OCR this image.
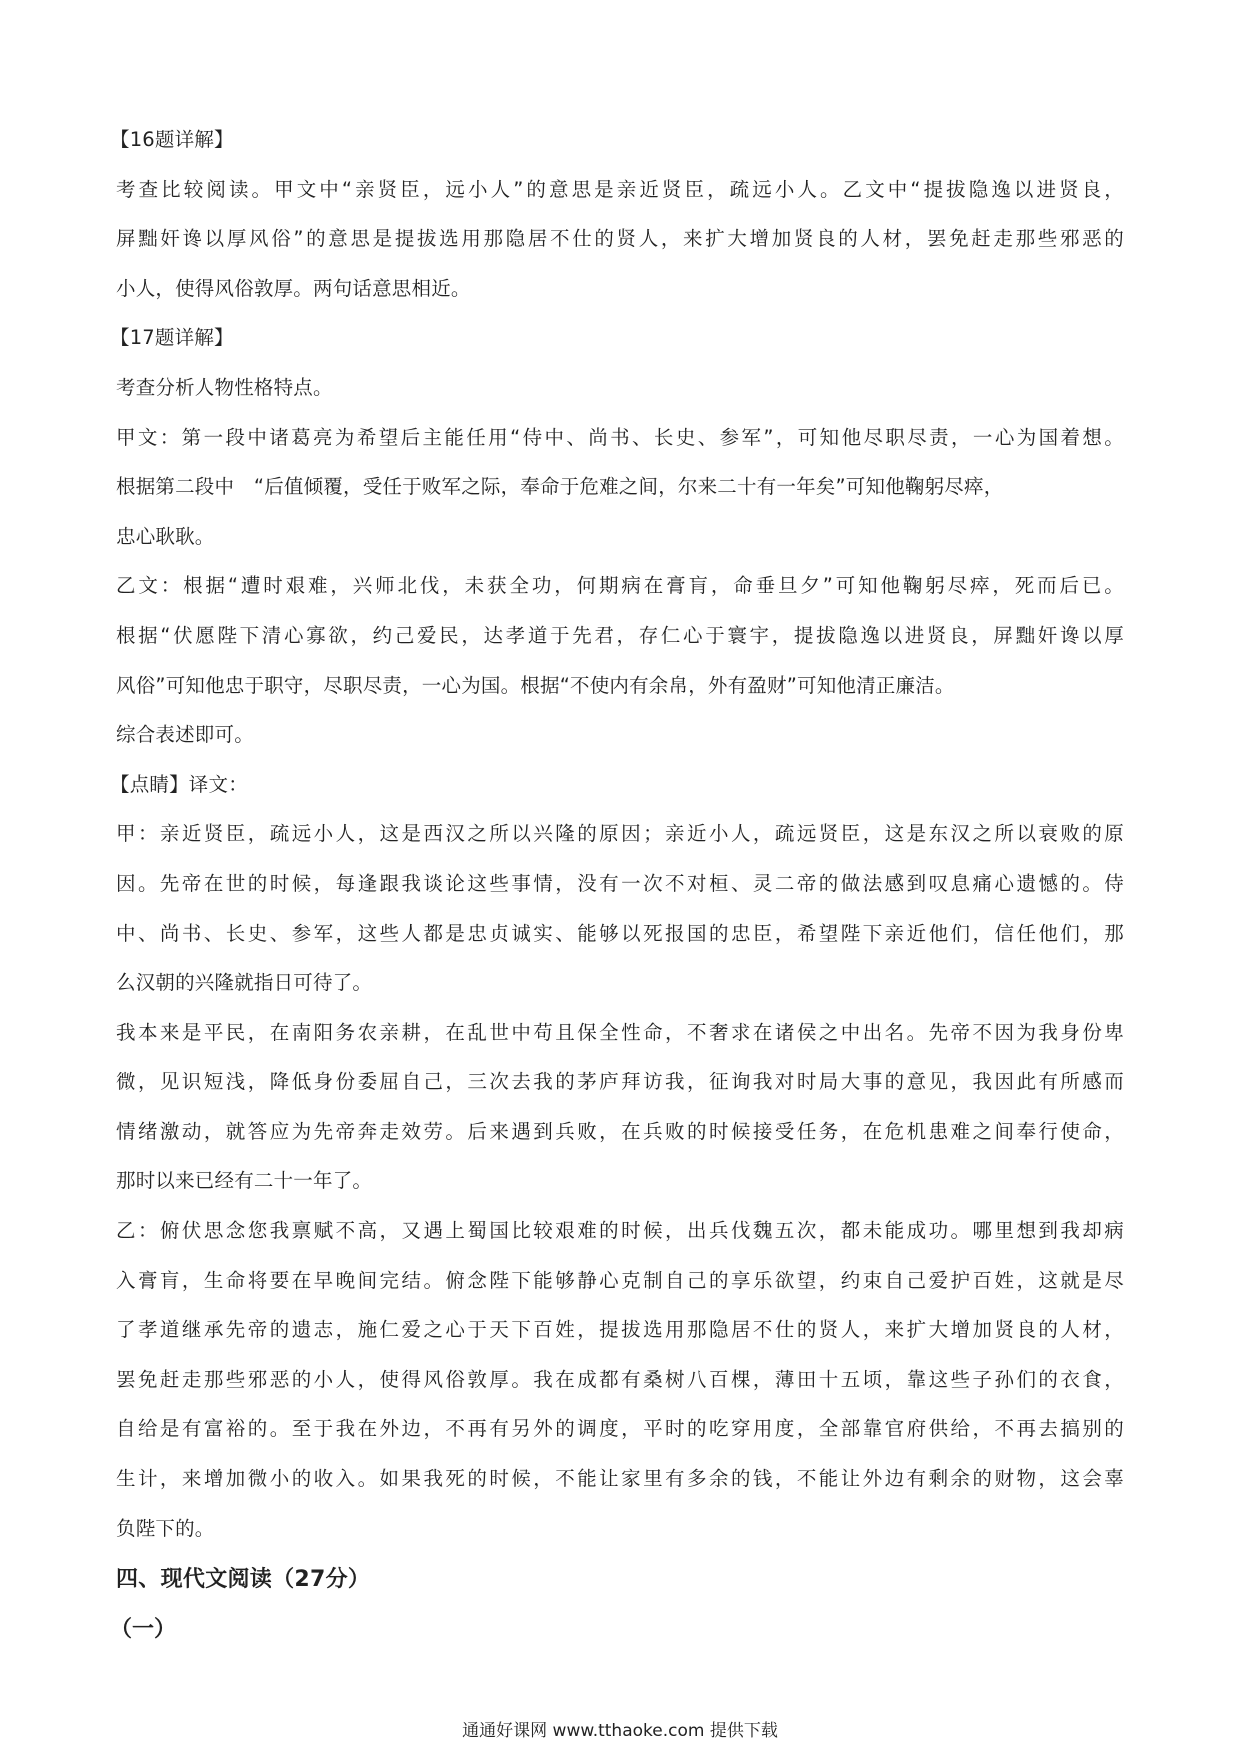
【16题详解】
考查比较阅读。甲文中“亲贤臣，远小人”的意思是亲近贤臣，疏远小人。乙文中“提拔隐逸以进贤良，
屏黜奸谗以厚风俗”的意思是提拔选用那隐居不仕的贤人，来扩大增加贤良的人材，罢免赶走那些邪恶的
小人，使得风俗敦厚。两句话意思相近。
【17题详解】
考查分析人物性格特点。
甲文：第一段中诸葛亮为希望后主能任用“侍中、尚书、长史、参军”，可知他尽职尽责，一心为国着想。
根据第二段中　“后值倾覆，受任于败军之际，奉命于危难之间，尔来二十有一年矣”可知他鞠躬尽瘁，
忠心耿耿。
乙文：根据“遭时艰难，兴师北伐，未获全功，何期病在膏肓，命垂旦夕”可知他鞠躬尽瘁，死而后已。
根据“伏愿陛下清心寡欲，约己爱民，达孝道于先君，存仁心于寰宇，提拔隐逸以进贤良，屏黜奸谗以厚
风俗”可知他忠于职守，尽职尽责，一心为国。根据“不使内有余帛，外有盈财”可知他清正廉洁。
综合表述即可。
【点睛】译文：
甲：亲近贤臣，疏远小人，这是西汉之所以兴隆的原因；亲近小人，疏远贤臣，这是东汉之所以衰败的原
因。先帝在世的时候，每逢跟我谈论这些事情，没有一次不对桓、灵二帝的做法感到叹息痛心遗憾的。侍
中、尚书、长史、参军，这些人都是忠贞诚实、能够以死报国的忠臣，希望陛下亲近他们，信任他们，那
么汉朝的兴隆就指日可待了。
我本来是平民，在南阳务农亲耕，在乱世中苟且保全性命，不奢求在诸侯之中出名。先帝不因为我身份卑
微，见识短浅，降低身份委屈自己，三次去我的茅庐拜访我，征询我对时局大事的意见，我因此有所感而
情绪激动，就答应为先帝奔走效劳。后来遇到兵败，在兵败的时候接受任务，在危机患难之间奉行使命，
那时以来已经有二十一年了。
乙：俯伏思念您我禀赋不高，又遇上蜀国比较艰难的时候，出兵伐魏五次，都未能成功。哪里想到我却病
入膏肓，生命将要在早晚间完结。俯念陛下能够静心克制自己的享乐欲望，约束自己爱护百姓，这就是尽
了孝道继承先帝的遗志，施仁爱之心于天下百姓，提拔选用那隐居不仕的贤人，来扩大增加贤良的人材，
罢免赶走那些邪恶的小人，使得风俗敦厚。我在成都有桑树八百棵，薄田十五顷，靠这些子孙们的衣食，
自给是有富裕的。至于我在外边，不再有另外的调度，平时的吃穿用度，全部靠官府供给，不再去搞别的
生计，来增加微小的收入。如果我死的时候，不能让家里有多余的钱，不能让外边有剩余的财物，这会辜
负陛下的。
四、现代文阅读（27分）
（一）
通通好课网 www.tthaoke.com 提供下载
